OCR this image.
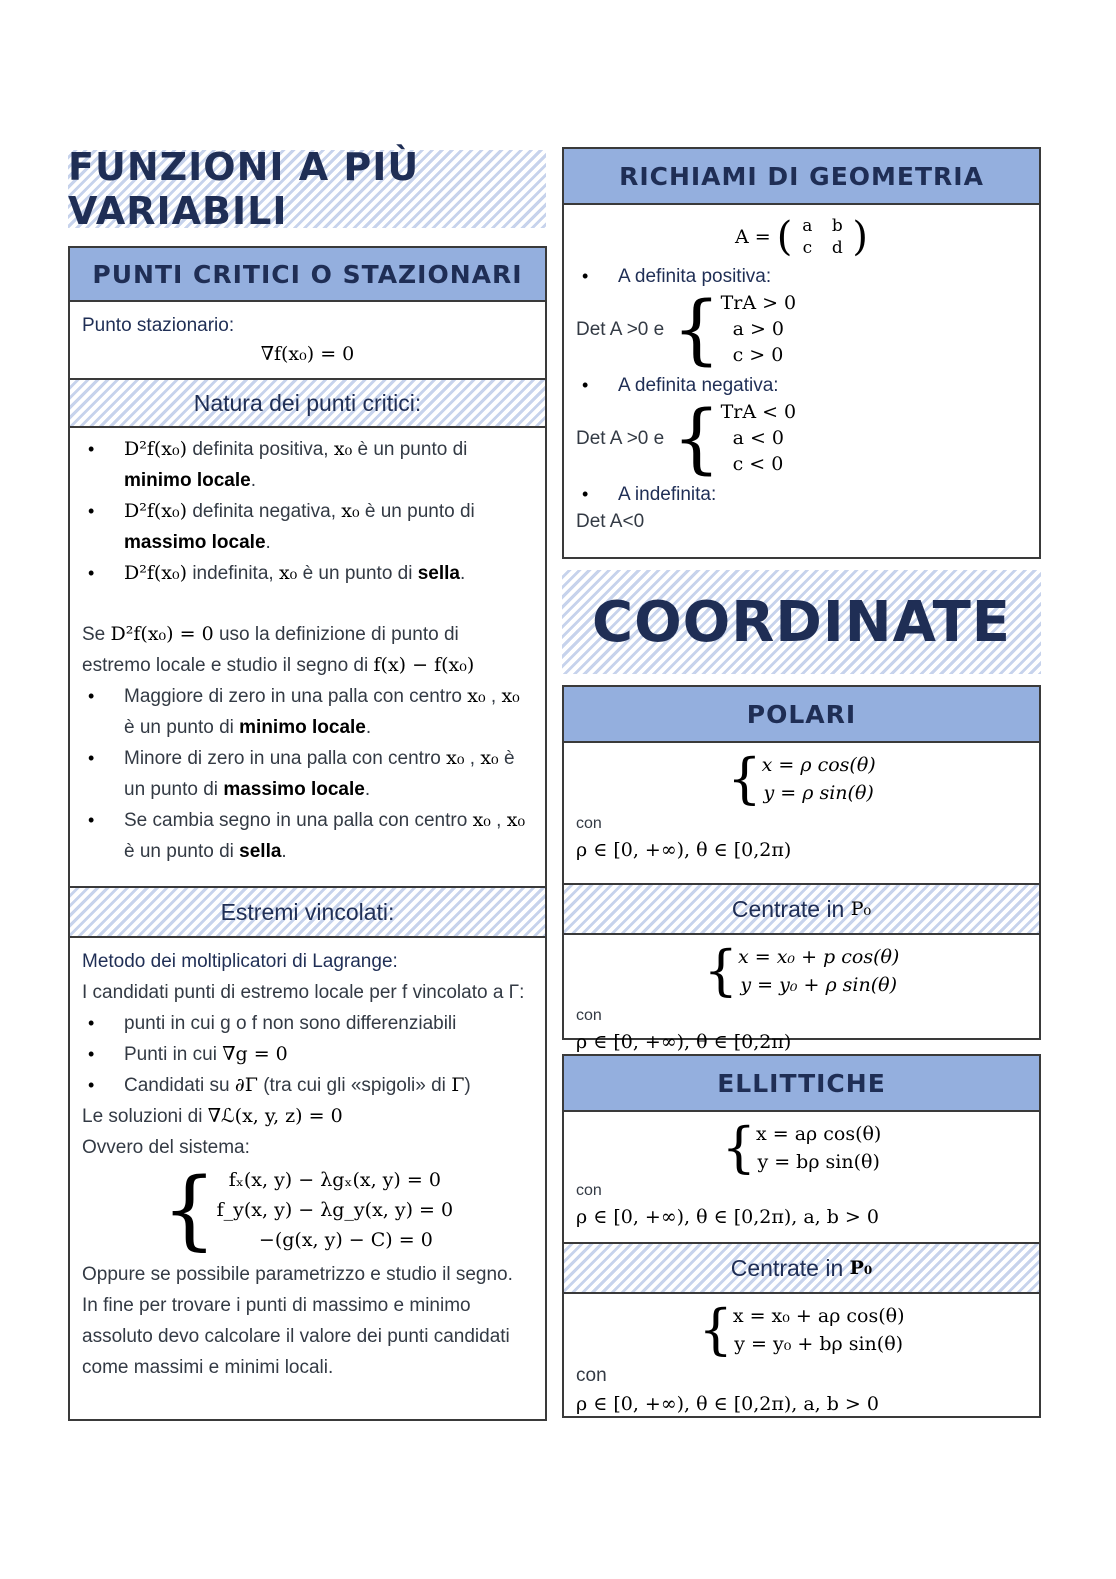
FUNZIONI A PIÙ VARIABILI
PUNTI CRITICI O STAZIONARI
Punto stazionario:
∇f(x₀) = 0
Natura dei punti critici:
• D²f(x₀) definita positiva, x₀ è un punto di minimo locale.
• D²f(x₀) definita negativa, x₀ è un punto di massimo locale.
• D²f(x₀) indefinita, x₀ è un punto di sella.
Se D²f(x₀) = 0 uso la definizione di punto di
estremo locale e studio il segno di f(x) − f(x₀)
• Maggiore di zero in una palla con centro x₀ , x₀ è un punto di minimo locale.
• Minore di zero in una palla con centro x₀ , x₀ è un punto di massimo locale.
• Se cambia segno in una palla con centro x₀ , x₀ è un punto di sella.
Estremi vincolati:
Metodo dei moltiplicatori di Lagrange:
I candidati punti di estremo locale per f vincolato a Γ:
• punti in cui g o f non sono differenziabili
• Punti in cui ∇g = 0
• Candidati su ∂Γ (tra cui gli «spigoli» di Γ)
Le soluzioni di ∇ℒ(x, y, z) = 0
Ovvero del sistema:
{ fₓ(x, y) − λgₓ(x, y) = 0
f_y(x, y) − λg_y(x, y) = 0
−(g(x, y) − C) = 0
Oppure se possibile parametrizzo e studio il segno. In fine per trovare i punti di massimo e minimo assoluto devo calcolare il valore dei punti candidati come massimi e minimi locali.
RICHIAMI DI GEOMETRIA
A = ( a	b
c	d )
• A definita positiva:
Det A >0 e { TrA > 0
a > 0
c > 0
• A definita negativa:
Det A >0 e { TrA < 0
a < 0
c < 0
• A indefinita:
Det A<0
COORDINATE
POLARI
{ x = ρ cos(θ)
y = ρ sin(θ)
con
ρ ∈ [0, +∞), θ ∈ [0,2π)
Centrate in
P₀
{ x = x₀ + p cos(θ)
y = y₀ + ρ sin(θ)
con
ρ ∈ [0, +∞), θ ∈ [0,2π)
ELLITTICHE
{ x = aρ cos(θ)
y = bρ sin(θ)
con
ρ ∈ [0, +∞), θ ∈ [0,2π), a, b > 0
Centrate in
P₀
{ x = x₀ + aρ cos(θ)
y = y₀ + bρ sin(θ)
con
ρ ∈ [0, +∞), θ ∈ [0,2π), a, b > 0
